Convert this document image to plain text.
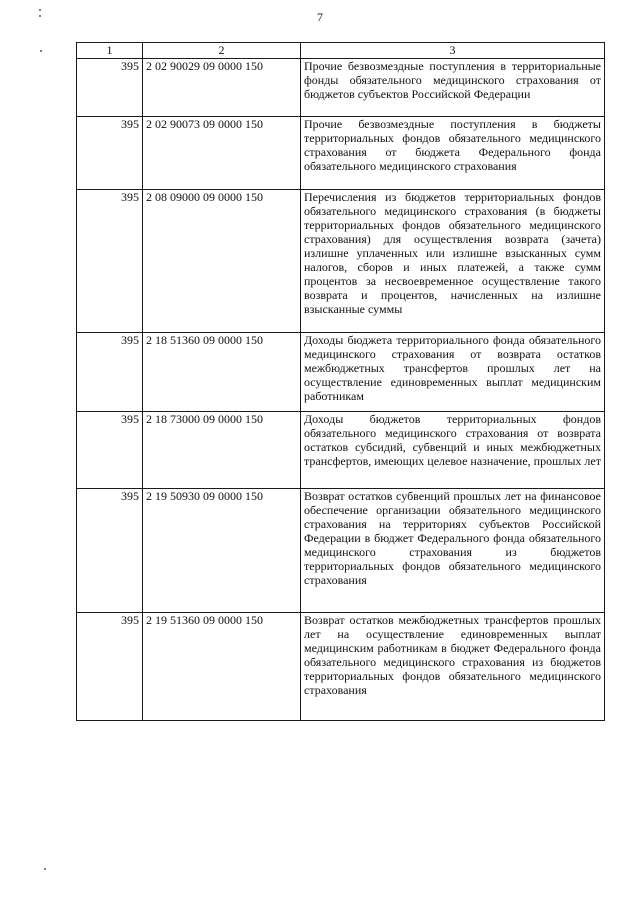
7
1	2	3
395	2 02 90029 09 0000 150	Прочие безвозмездные поступления в территориальные фонды обязательного медицинского страхования от бюджетов субъектов Российской Федерации
395	2 02 90073 09 0000 150	Прочие безвозмездные поступления в бюджеты территориальных фондов обязательного медицинского страхования от бюджета Федерального фонда обязательного медицинского страхования
395	2 08 09000 09 0000 150	Перечисления из бюджетов территориальных фондов обязательного медицинского страхования (в бюджеты территориальных фондов обязательного медицинского страхования) для осуществления возврата (зачета) излишне уплаченных или излишне взысканных сумм налогов, сборов и иных платежей, а также сумм процентов за несвоевременное осуществление такого возврата и процентов, начисленных на излишне взысканные суммы
395	2 18 51360 09 0000 150	Доходы бюджета территориального фонда обязательного медицинского страхования от возврата остатков межбюджетных трансфертов прошлых лет на осуществление единовременных выплат медицинским работникам
395	2 18 73000 09 0000 150	Доходы бюджетов территориальных фондов обязательного медицинского страхования от возврата остатков субсидий, субвенций и иных межбюджетных трансфертов, имеющих целевое назначение, прошлых лет
395	2 19 50930 09 0000 150	Возврат остатков субвенций прошлых лет на финансовое обеспечение организации обязательного медицинского страхования на территориях субъектов Российской Федерации в бюджет Федерального фонда обязательного медицинского страхования из бюджетов территориальных фондов обязательного медицинского страхования
395	2 19 51360 09 0000 150	Возврат остатков межбюджетных трансфертов прошлых лет на осуществление единовременных выплат медицинским работникам в бюджет Федерального фонда обязательного медицинского страхования из бюджетов территориальных фондов обязательного медицинского страхования
